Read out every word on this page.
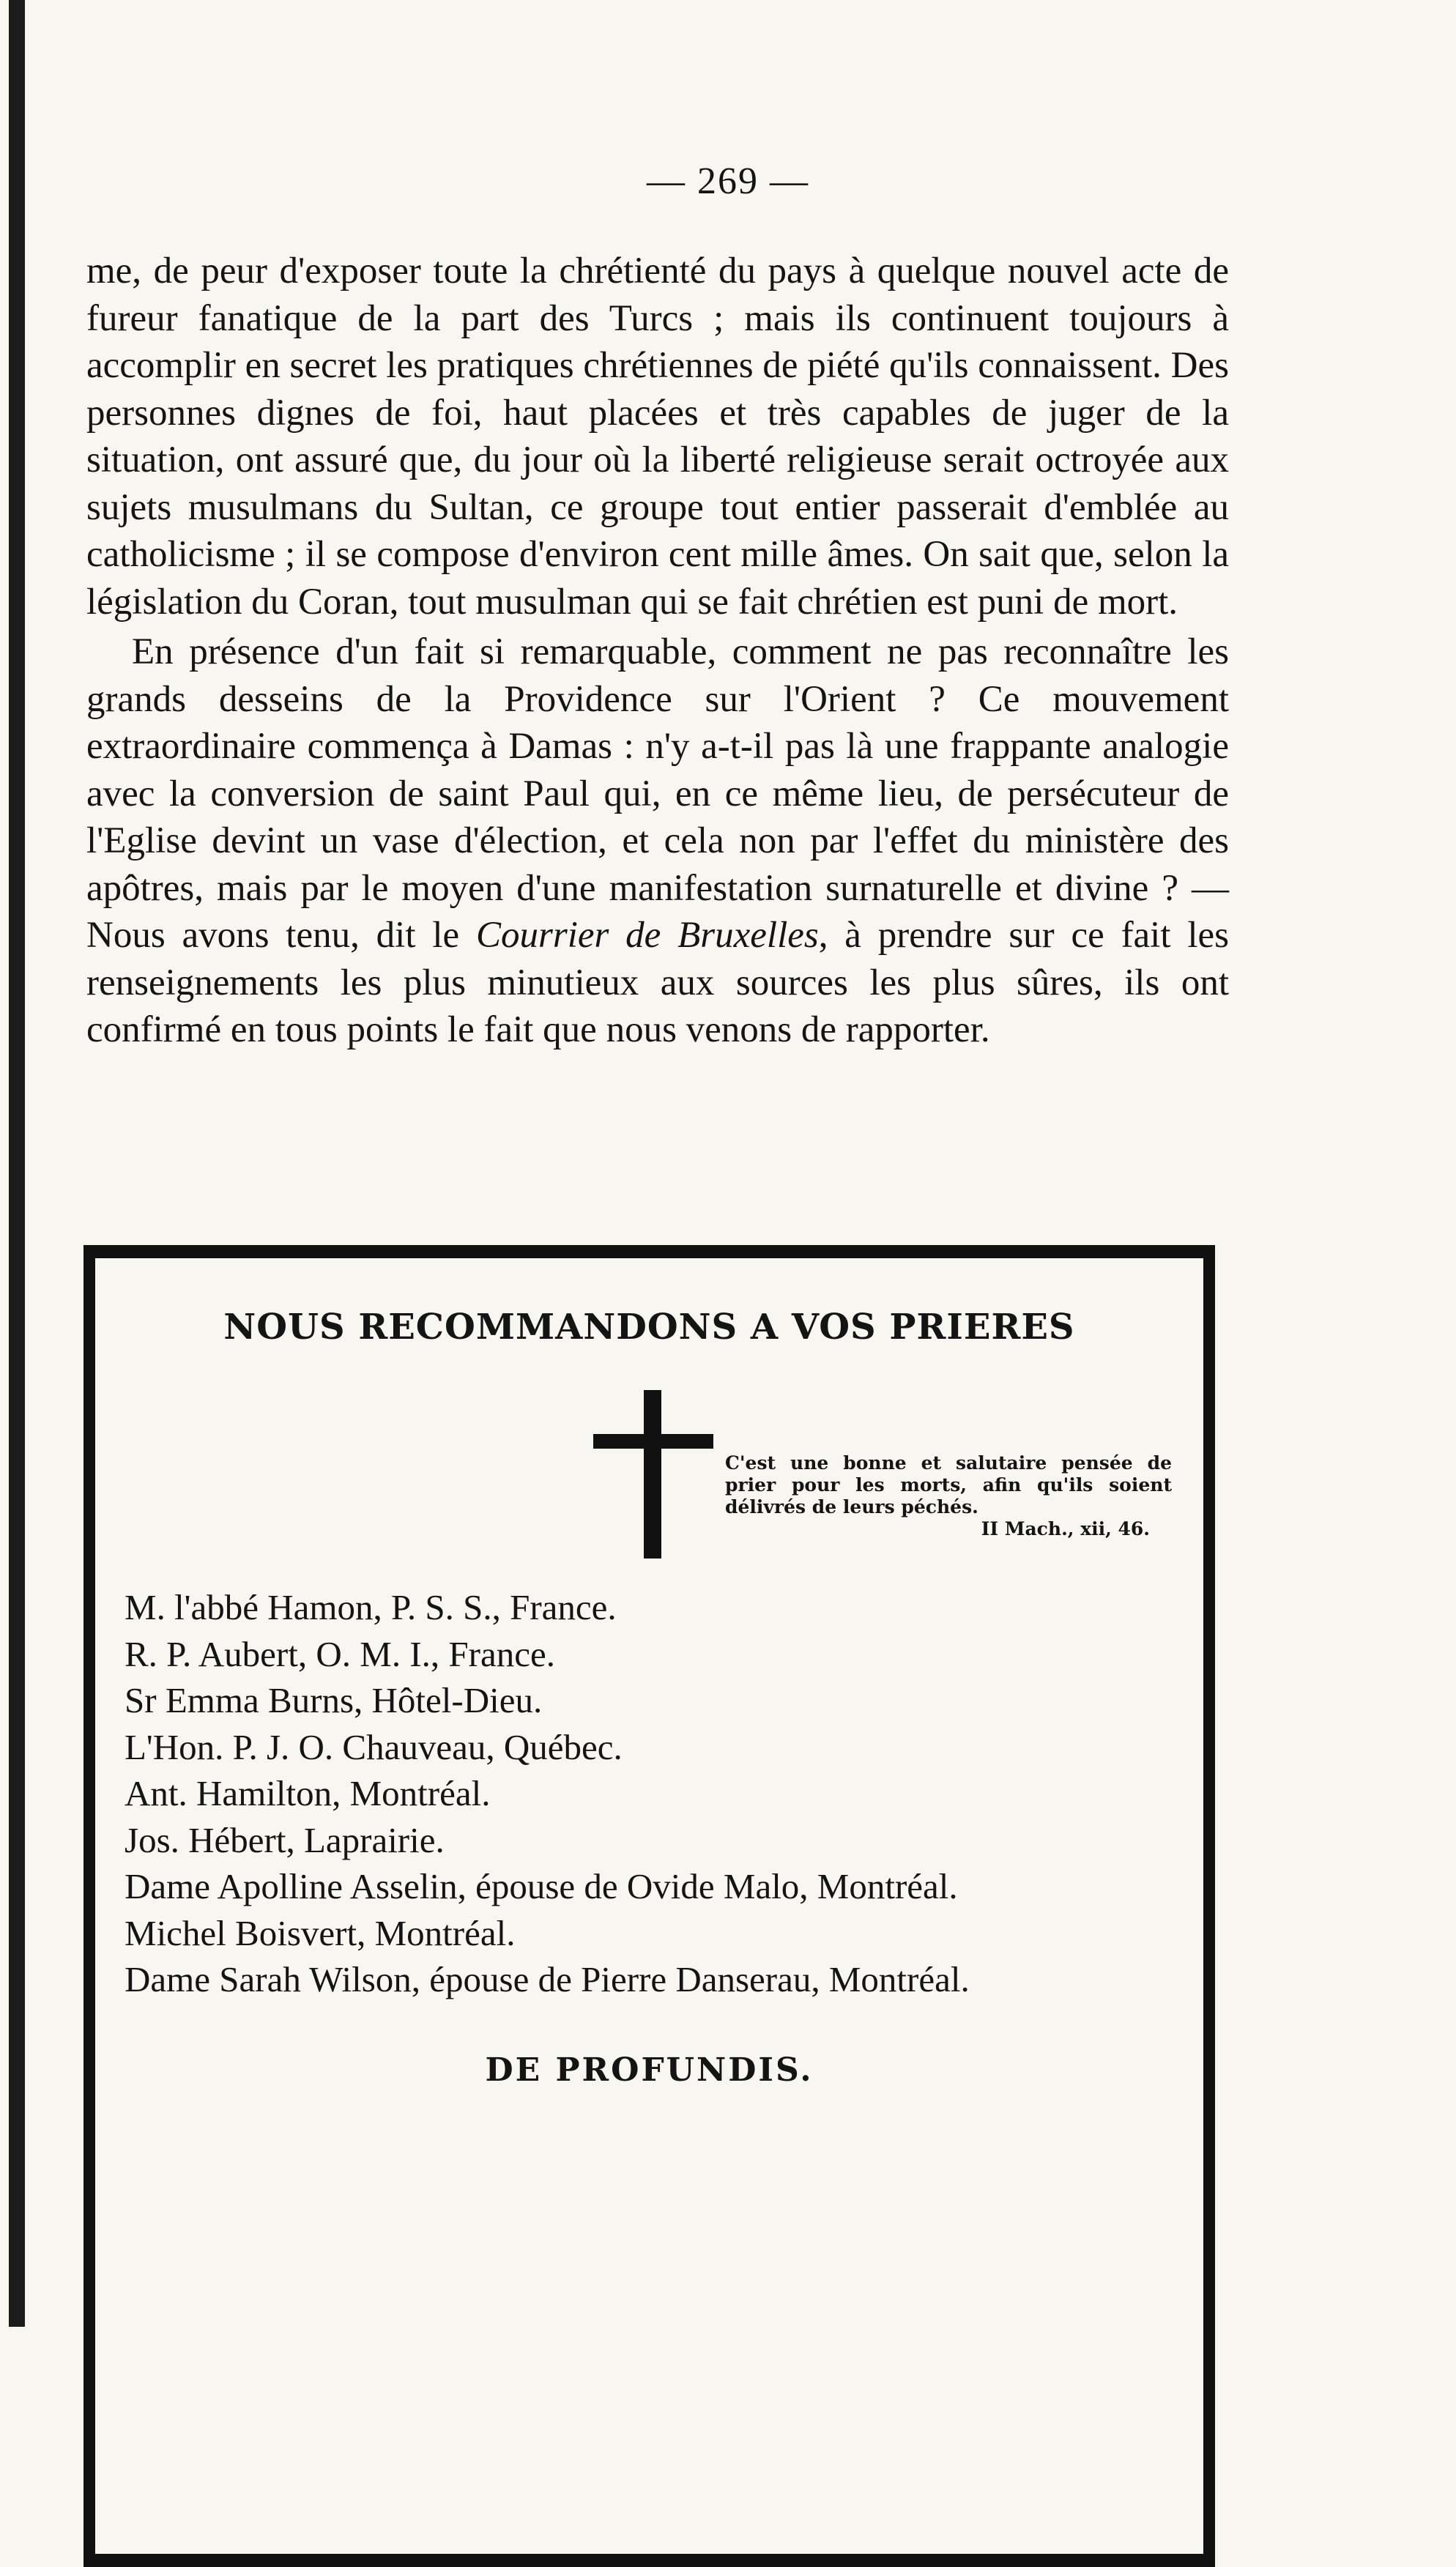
— 269 —

me, de peur d'exposer toute la chrétienté du pays à quelque nouvel acte de fureur fanatique de la part des Turcs ; mais ils continuent toujours à accomplir en secret les pratiques chrétiennes de piété qu'ils connaissent. Des personnes dignes de foi, haut placées et très capables de juger de la situation, ont assuré que, du jour où la liberté religieuse serait octroyée aux sujets musulmans du Sultan, ce groupe tout entier passerait d'emblée au catholicisme ; il se compose d'environ cent mille âmes. On sait que, selon la législation du Coran, tout musulman qui se fait chrétien est puni de mort.

En présence d'un fait si remarquable, comment ne pas reconnaître les grands desseins de la Providence sur l'Orient ? Ce mouvement extraordinaire commença à Damas : n'y a-t-il pas là une frappante analogie avec la conversion de saint Paul qui, en ce même lieu, de persécuteur de l'Eglise devint un vase d'élection, et cela non par l'effet du ministère des apôtres, mais par le moyen d'une manifestation surnaturelle et divine ? — Nous avons tenu, dit le Courrier de Bruxelles, à prendre sur ce fait les renseignements les plus minutieux aux sources les plus sûres, ils ont confirmé en tous points le fait que nous venons de rapporter.

NOUS RECOMMANDONS A VOS PRIERES
C'est une bonne et salutaire pensée de prier pour les morts, afin qu'ils soient délivrés de leurs péchés.
II Mach., xii, 46.
M. l'abbé Hamon, P. S. S., France.
R. P. Aubert, O. M. I., France.
Sr Emma Burns, Hôtel-Dieu.
L'Hon. P. J. O. Chauveau, Québec.
Ant. Hamilton, Montréal.
Jos. Hébert, Laprairie.
Dame Apolline Asselin, épouse de Ovide Malo, Montréal.
Michel Boisvert, Montréal.
Dame Sarah Wilson, épouse de Pierre Danserau, Montréal.
DE PROFUNDIS.
